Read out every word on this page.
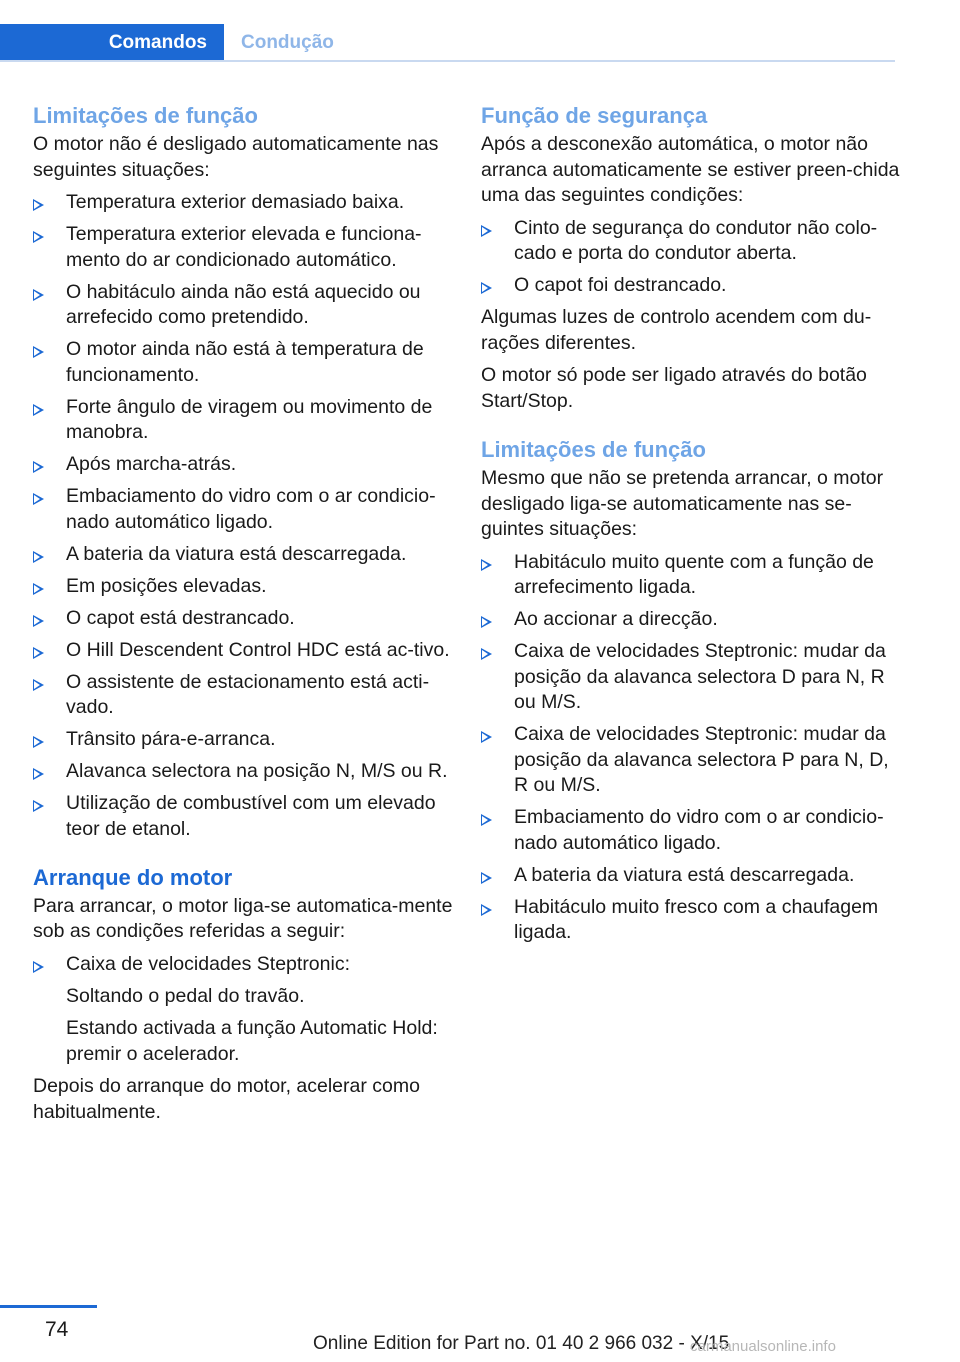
Comandos	Condução
Limitações de função

O motor não é desligado automaticamente nas seguintes situações:

Temperatura exterior demasiado baixa.
Temperatura exterior elevada e funciona-mento do ar condicionado automático.
O habitáculo ainda não está aquecido ou arrefecido como pretendido.
O motor ainda não está à temperatura de funcionamento.
Forte ângulo de viragem ou movimento de manobra.
Após marcha-atrás.
Embaciamento do vidro com o ar condicio-nado automático ligado.
A bateria da viatura está descarregada.
Em posições elevadas.
O capot está destrancado.
O Hill Descendent Control HDC está ac-tivo.
O assistente de estacionamento está acti-vado.
Trânsito pára-e-arranca.
Alavanca selectora na posição N, M/S ou R.
Utilização de combustível com um elevado teor de etanol.
Arranque do motor

Para arrancar, o motor liga-se automatica-mente sob as condições referidas a seguir:

Caixa de velocidades Steptronic:

Soltando o pedal do travão.

Estando activada a função Automatic Hold: premir o acelerador.

Depois do arranque do motor, acelerar como habitualmente.

Função de segurança

Após a desconexão automática, o motor não arranca automaticamente se estiver preen-chida uma das seguintes condições:

Cinto de segurança do condutor não colo-cado e porta do condutor aberta.
O capot foi destrancado.

Algumas luzes de controlo acendem com du-rações diferentes.

O motor só pode ser ligado através do botão Start/Stop.

Limitações de função

Mesmo que não se pretenda arrancar, o motor desligado liga-se automaticamente nas se-guintes situações:

Habitáculo muito quente com a função de arrefecimento ligada.
Ao accionar a direcção.
Caixa de velocidades Steptronic: mudar da posição da alavanca selectora D para N, R ou M/S.
Caixa de velocidades Steptronic: mudar da posição da alavanca selectora P para N, D, R ou M/S.
Embaciamento do vidro com o ar condicio-nado automático ligado.
A bateria da viatura está descarregada.
Habitáculo muito fresco com a chaufagem ligada.
74
Online Edition for Part no. 01 40 2 966 032 - X/15
carmanualsonline.info
